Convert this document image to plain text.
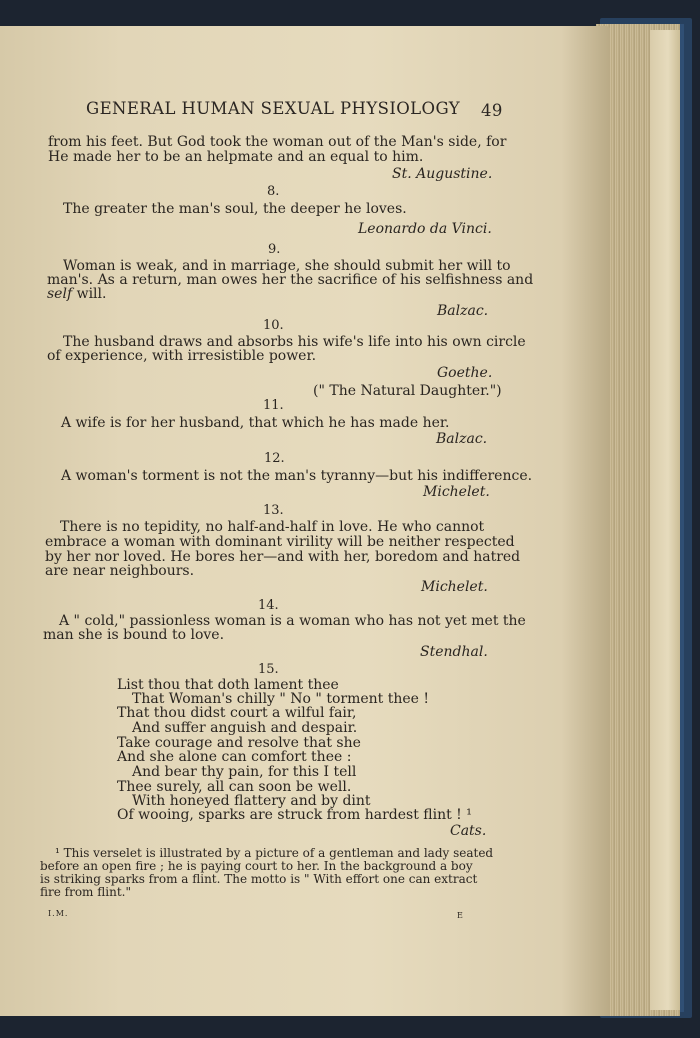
GENERAL HUMAN SEXUAL PHYSIOLOGY 49
from his feet. But God took the woman out of the Man's side, for
He made her to be an helpmate and an equal to him.
St. Augustine.
8.
The greater the man's soul, the deeper he loves.
Leonardo da Vinci.
9.
Woman is weak, and in marriage, she should submit her will to
man's. As a return, man owes her the sacrifice of his selfishness and
self will.
Balzac.
10.
The husband draws and absorbs his wife's life into his own circle
of experience, with irresistible power.
Goethe.
(" The Natural Daughter.")
11.
A wife is for her husband, that which he has made her.
Balzac.
12.
A woman's torment is not the man's tyranny—but his indifference.
Michelet.
13.
There is no tepidity, no half-and-half in love. He who cannot
embrace a woman with dominant virility will be neither respected
by her nor loved. He bores her—and with her, boredom and hatred
are near neighbours.
Michelet.
14.
A " cold," passionless woman is a woman who has not yet met the
man she is bound to love.
Stendhal.
15.
List thou that doth lament thee
That Woman's chilly " No " torment thee !
That thou didst court a wilful fair,
And suffer anguish and despair.
Take courage and resolve that she
And she alone can comfort thee :
And bear thy pain, for this I tell
Thee surely, all can soon be well.
With honeyed flattery and by dint
Of wooing, sparks are struck from hardest flint ! ¹
Cats.
¹ This verselet is illustrated by a picture of a gentleman and lady seated
before an open fire ; he is paying court to her. In the background a boy
is striking sparks from a flint. The motto is " With effort one can extract
fire from flint."
I.M.	E
